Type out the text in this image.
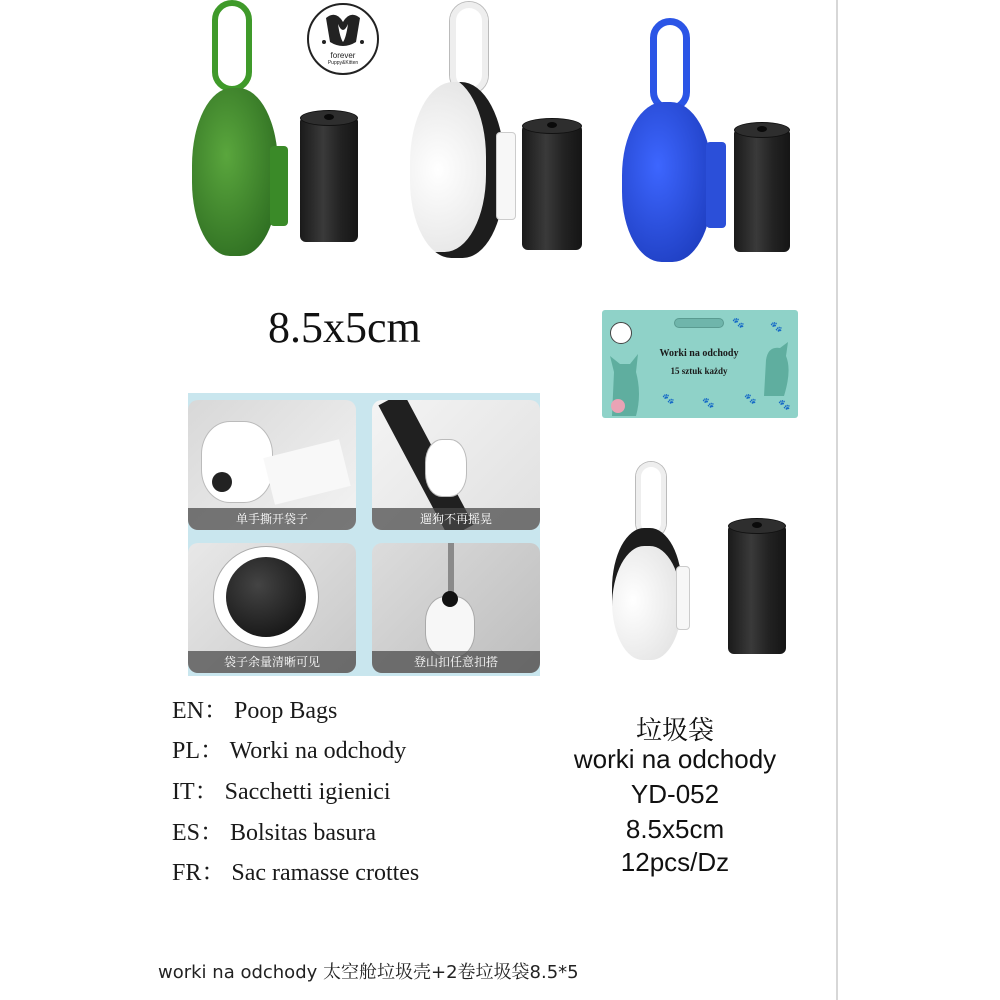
forever
Puppy&Kitten
8.5x5cm
Worki na odchody
15 sztuk każdy
🐾	🐾
🐾	🐾	🐾
🐾
单手撕开袋子	遛狗不再摇晃
袋子余量清晰可见	登山扣任意扣搭
EN： Poop Bags
PL： Worki na odchody
IT： Sacchetti igienici
ES： Bolsitas basura
FR： Sac ramasse crottes
垃圾袋
worki na odchody
YD-052
8.5x5cm
12pcs/Dz
worki na odchody 太空舱垃圾壳+2卷垃圾袋8.5*5
